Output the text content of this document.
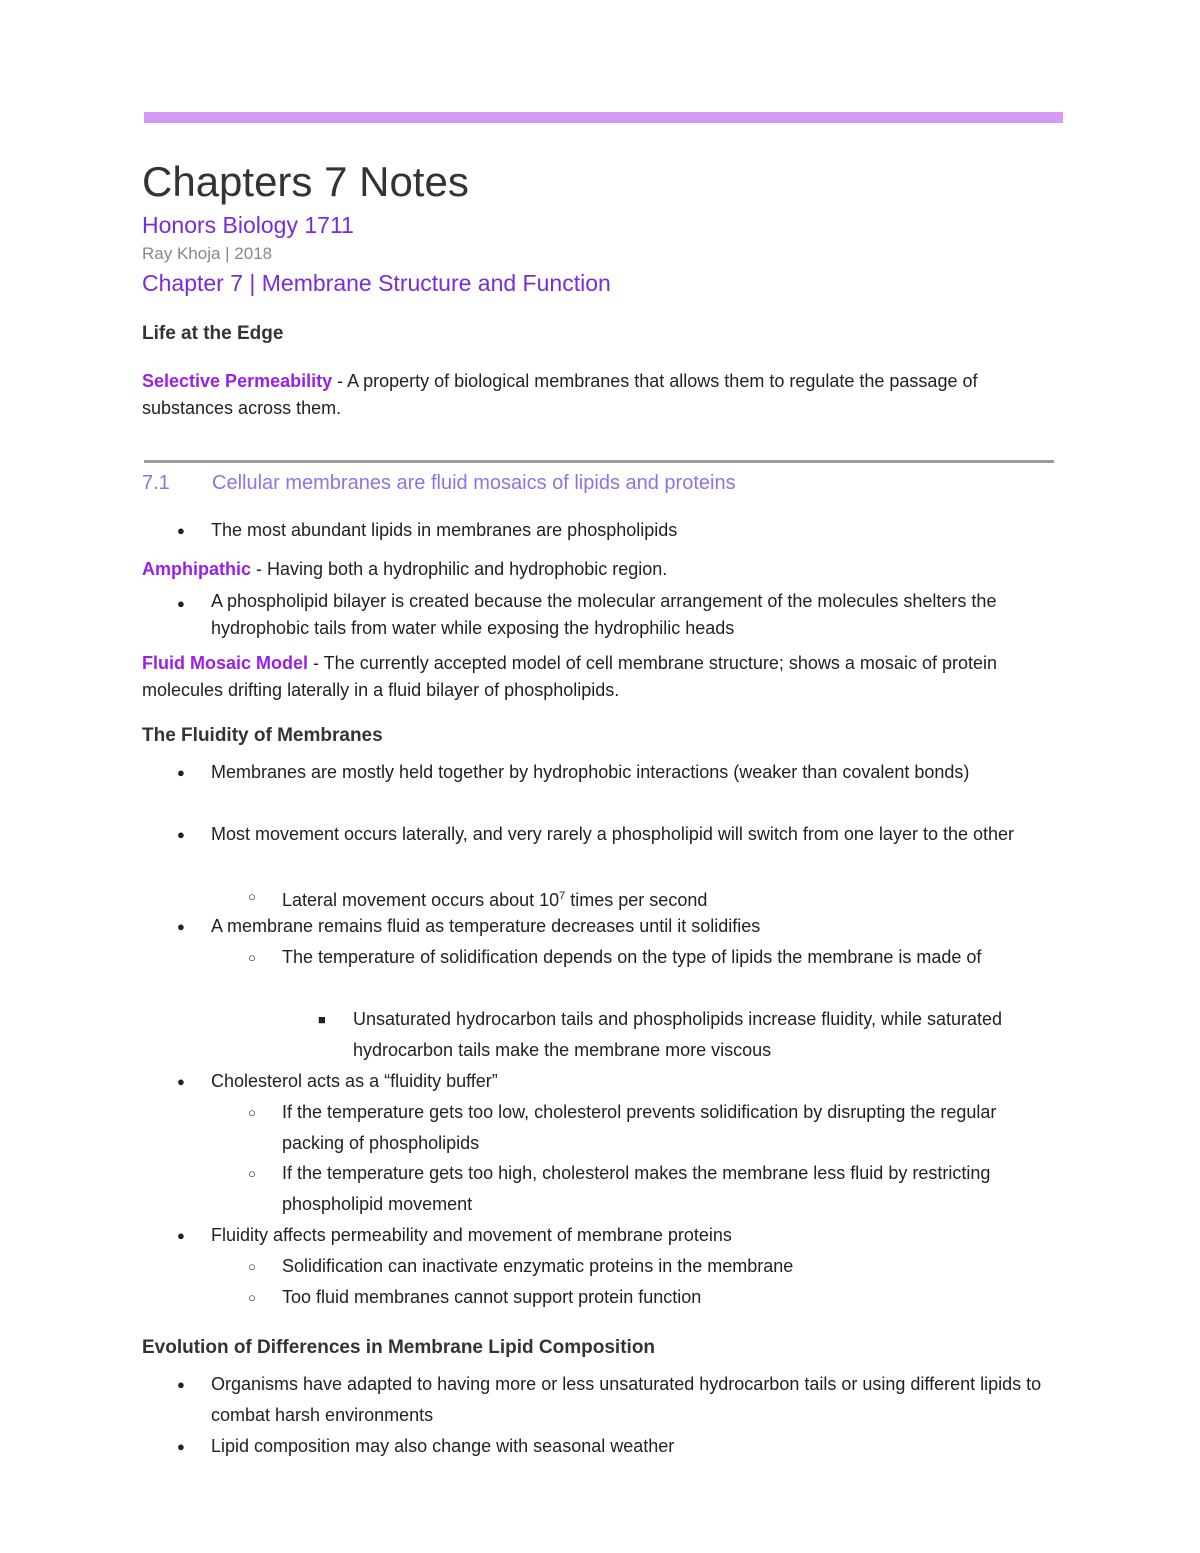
Chapters 7 Notes
Honors Biology 1711
Ray Khoja | 2018
Chapter 7 | Membrane Structure and Function
Life at the Edge

Selective Permeability - A property of biological membranes that allows them to regulate the passage of substances across them.

7.1 Cellular membranes are fluid mosaics of lipids and proteins
● The most abundant lipids in membranes are phospholipids

Amphipathic - Having both a hydrophilic and hydrophobic region.

● A phospholipid bilayer is created because the molecular arrangement of the molecules shelters the hydrophobic tails from water while exposing the hydrophilic heads

Fluid Mosaic Model - The currently accepted model of cell membrane structure; shows a mosaic of protein molecules drifting laterally in a fluid bilayer of phospholipids.

The Fluidity of Membranes
● Membranes are mostly held together by hydrophobic interactions (weaker than covalent bonds)
● Most movement occurs laterally, and very rarely a phospholipid will switch from one layer to the other
○ Lateral movement occurs about $10^7$ times per second
● A membrane remains fluid as temperature decreases until it solidifies
○ The temperature of solidification depends on the type of lipids the membrane is made of
■ Unsaturated hydrocarbon tails and phospholipids increase fluidity, while saturated hydrocarbon tails make the membrane more viscous
● Cholesterol acts as a “fluidity buffer”
○ If the temperature gets too low, cholesterol prevents solidification by disrupting the regular packing of phospholipids
○ If the temperature gets too high, cholesterol makes the membrane less fluid by restricting phospholipid movement
● Fluidity affects permeability and movement of membrane proteins
○ Solidification can inactivate enzymatic proteins in the membrane
○ Too fluid membranes cannot support protein function
Evolution of Differences in Membrane Lipid Composition
● Organisms have adapted to having more or less unsaturated hydrocarbon tails or using different lipids to combat harsh environments
● Lipid composition may also change with seasonal weather
